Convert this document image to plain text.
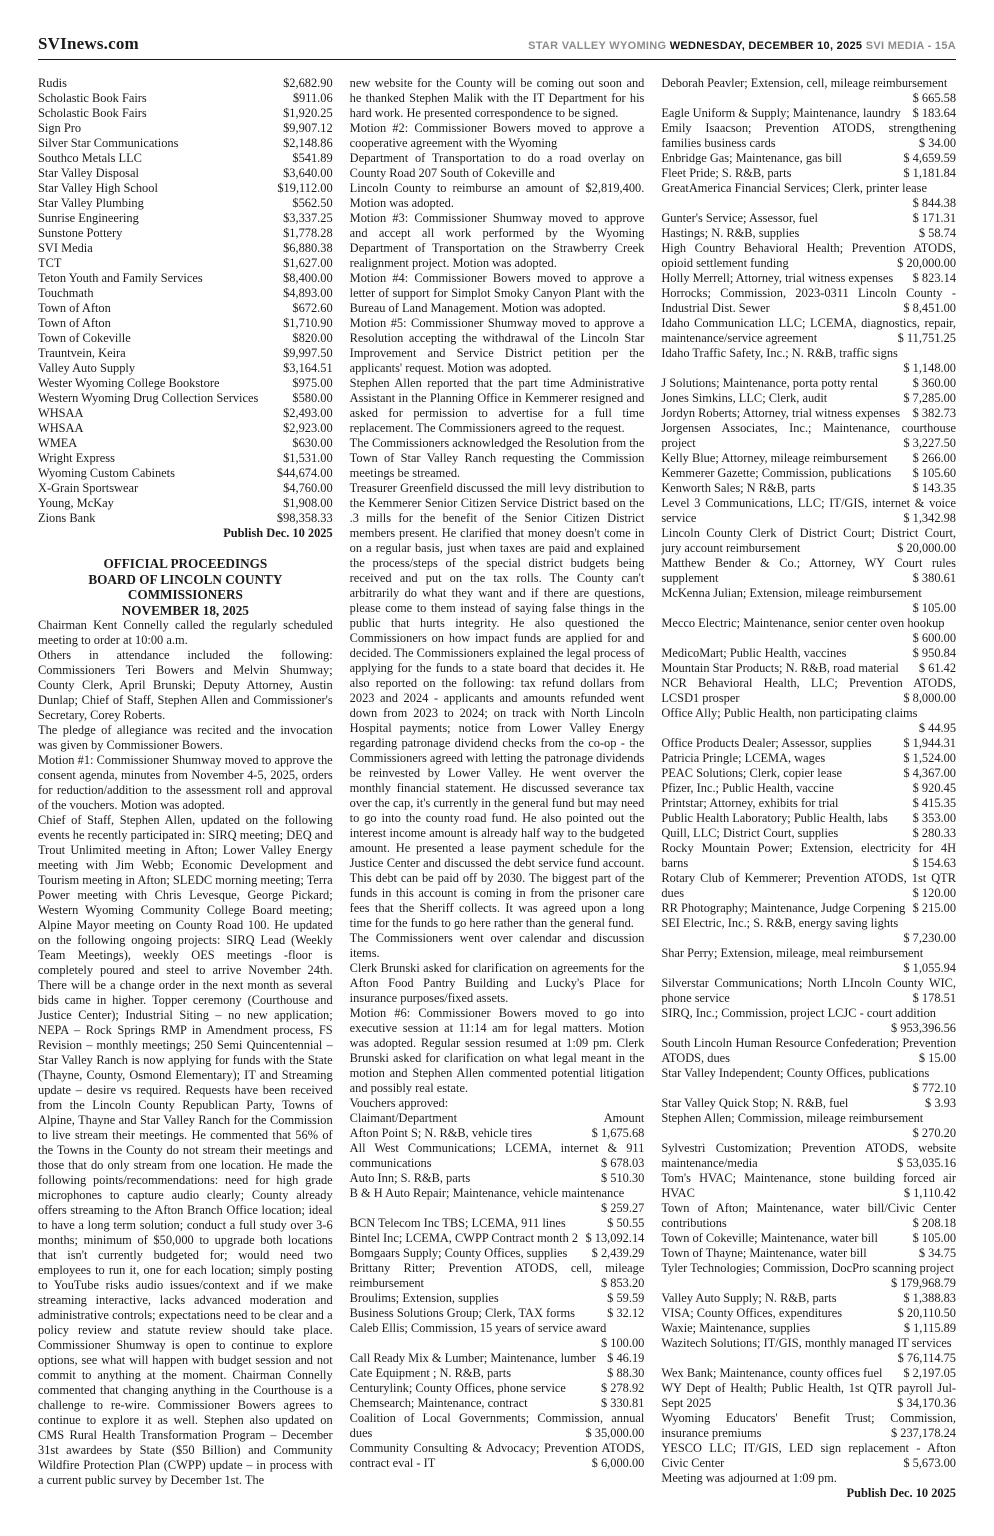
SVInews.com	STAR VALLEY WYOMING WEDNESDAY, DECEMBER 10, 2025 SVI MEDIA - 15A
Rudis	$2,682.90
Scholastic Book Fairs	$911.06
Scholastic Book Fairs	$1,920.25
Sign Pro	$9,907.12
Silver Star Communications	$2,148.86
Southco Metals LLC	$541.89
Star Valley Disposal	$3,640.00
Star Valley High School	$19,112.00
Star Valley Plumbing	$562.50
Sunrise Engineering	$3,337.25
Sunstone Pottery	$1,778.28
SVI Media	$6,880.38
TCT	$1,627.00
Teton Youth and Family Services	$8,400.00
Touchmath	$4,893.00
Town of Afton	$672.60
Town of Afton	$1,710.90
Town of Cokeville	$820.00
Trauntvein, Keira	$9,997.50
Valley Auto Supply	$3,164.51
Wester Wyoming College Bookstore	$975.00
Western Wyoming Drug Collection Services	$580.00
WHSAA	$2,493.00
WHSAA	$2,923.00
WMEA	$630.00
Wright Express	$1,531.00
Wyoming Custom Cabinets	$44,674.00
X-Grain Sportswear	$4,760.00
Young, McKay	$1,908.00
Zions Bank	$98,358.33
Publish Dec. 10 2025
OFFICIAL PROCEEDINGS
BOARD OF LINCOLN COUNTY COMMISSIONERS
NOVEMBER 18, 2025

Chairman Kent Connelly called the regularly scheduled meeting to order at 10:00 a.m.

Others in attendance included the following: Commissioners Teri Bowers and Melvin Shumway; County Clerk, April Brunski; Deputy Attorney, Austin Dunlap; Chief of Staff, Stephen Allen and Commissioner's Secretary, Corey Roberts.

The pledge of allegiance was recited and the invocation was given by Commissioner Bowers.

Motion #1: Commissioner Shumway moved to approve the consent agenda, minutes from November 4-5, 2025, orders for reduction/addition to the assessment roll and approval of the vouchers. Motion was adopted.

Chief of Staff, Stephen Allen, updated on the following events he recently participated in: SIRQ meeting; DEQ and Trout Unlimited meeting in Afton; Lower Valley Energy meeting with Jim Webb; Economic Development and Tourism meeting in Afton; SLEDC morning meeting; Terra Power meeting with Chris Levesque, George Pickard; Western Wyoming Community College Board meeting; Alpine Mayor meeting on County Road 100. He updated on the following ongoing projects: SIRQ Lead (Weekly Team Meetings), weekly OES meetings -floor is completely poured and steel to arrive November 24th. There will be a change order in the next month as several bids came in higher. Topper ceremony (Courthouse and Justice Center); Industrial Siting – no new application; NEPA – Rock Springs RMP in Amendment process, FS Revision – monthly meetings; 250 Semi Quincentennial – Star Valley Ranch is now applying for funds with the State (Thayne, County, Osmond Elementary); IT and Streaming update – desire vs required. Requests have been received from the Lincoln County Republican Party, Towns of Alpine, Thayne and Star Valley Ranch for the Commission to live stream their meetings. He commented that 56% of the Towns in the County do not stream their meetings and those that do only stream from one location. He made the following points/recommendations: need for high grade microphones to capture audio clearly; County already offers streaming to the Afton Branch Office location; ideal to have a long term solution; conduct a full study over 3-6 months; minimum of $50,000 to upgrade both locations that isn't currently budgeted for; would need two employees to run it, one for each location; simply posting to YouTube risks audio issues/context and if we make streaming interactive, lacks advanced moderation and administrative controls; expectations need to be clear and a policy review and statute review should take place. Commissioner Shumway is open to continue to explore options, see what will happen with budget session and not commit to anything at the moment. Chairman Connelly commented that changing anything in the Courthouse is a challenge to re-wire. Commissioner Bowers agrees to continue to explore it as well. Stephen also updated on CMS Rural Health Transformation Program – December 31st awardees by State ($50 Billion) and Community Wildfire Protection Plan (CWPP) update – in process with a current public survey by December 1st. The

new website for the County will be coming out soon and he thanked Stephen Malik with the IT Department for his hard work. He presented correspondence to be signed.

Motion #2: Commissioner Bowers moved to approve a cooperative agreement with the Wyoming

Department of Transportation to do a road overlay on County Road 207 South of Cokeville and

Lincoln County to reimburse an amount of $2,819,400. Motion was adopted.

Motion #3: Commissioner Shumway moved to approve and accept all work performed by the Wyoming Department of Transportation on the Strawberry Creek realignment project. Motion was adopted.

Motion #4: Commissioner Bowers moved to approve a letter of support for Simplot Smoky Canyon Plant with the Bureau of Land Management. Motion was adopted.

Motion #5: Commissioner Shumway moved to approve a Resolution accepting the withdrawal of the Lincoln Star Improvement and Service District petition per the applicants' request. Motion was adopted.

Stephen Allen reported that the part time Administrative Assistant in the Planning Office in Kemmerer resigned and asked for permission to advertise for a full time replacement. The Commissioners agreed to the request.

The Commissioners acknowledged the Resolution from the Town of Star Valley Ranch requesting the Commission meetings be streamed.

Treasurer Greenfield discussed the mill levy distribution to the Kemmerer Senior Citizen Service District based on the .3 mills for the benefit of the Senior Citizen District members present. He clarified that money doesn't come in on a regular basis, just when taxes are paid and explained the process/steps of the special district budgets being received and put on the tax rolls. The County can't arbitrarily do what they want and if there are questions, please come to them instead of saying false things in the public that hurts integrity. He also questioned the Commissioners on how impact funds are applied for and decided. The Commissioners explained the legal process of applying for the funds to a state board that decides it. He also reported on the following: tax refund dollars from 2023 and 2024 - applicants and amounts refunded went down from 2023 to 2024; on track with North Lincoln Hospital payments; notice from Lower Valley Energy regarding patronage dividend checks from the co-op - the Commissioners agreed with letting the patronage dividends be reinvested by Lower Valley. He went overver the monthly financial statement. He discussed severance tax over the cap, it's currently in the general fund but may need to go into the county road fund. He also pointed out the interest income amount is already half way to the budgeted amount. He presented a lease payment schedule for the Justice Center and discussed the debt service fund account. This debt can be paid off by 2030. The biggest part of the funds in this account is coming in from the prisoner care fees that the Sheriff collects. It was agreed upon a long time for the funds to go here rather than the general fund.

The Commissioners went over calendar and discussion items.

Clerk Brunski asked for clarification on agreements for the Afton Food Pantry Building and Lucky's Place for insurance purposes/fixed assets.

Motion #6: Commissioner Bowers moved to go into executive session at 11:14 am for legal matters. Motion was adopted. Regular session resumed at 1:09 pm. Clerk Brunski asked for clarification on what legal meant in the motion and Stephen Allen commented potential litigation and possibly real estate.

Vouchers approved:

Claimant/Department	Amount
Afton Point S; N. R&B, vehicle tires	$ 1,675.68
All West Communications; LCEMA, internet & 911 communications	$ 678.03
Auto Inn; S. R&B, parts	$ 510.30
B & H Auto Repair; Maintenance, vehicle maintenance
$ 259.27
BCN Telecom Inc TBS; LCEMA, 911 lines	$ 50.55
Bintel Inc; LCEMA, CWPP Contract month 2 $ 13,092.14
Bomgaars Supply; County Offices, supplies	$ 2,439.29
Brittany Ritter; Prevention ATODS, cell, mileage reimbursement	$ 853.20
Broulims; Extension, supplies	$ 59.59
Business Solutions Group; Clerk, TAX forms	$ 32.12
Caleb Ellis; Commission, 15 years of service award
$ 100.00
Call Ready Mix & Lumber; Maintenance, lumber $ 46.19
Cate Equipment ; N. R&B, parts	$ 88.30
Centurylink; County Offices, phone service	$ 278.92
Chemsearch; Maintenance, contract	$ 330.81
Coalition of Local Governments; Commission, annual dues	$ 35,000.00
Community Consulting & Advocacy; Prevention ATODS, contract eval - IT	$ 6,000.00
Deborah Peavler; Extension, cell, mileage reimbursement
$ 665.58
Eagle Uniform & Supply; Maintenance, laundry $ 183.64
Emily Isaacson; Prevention ATODS, strengthening families business cards	$ 34.00
Enbridge Gas; Maintenance, gas bill	$ 4,659.59
Fleet Pride; S. R&B, parts	$ 1,181.84
GreatAmerica Financial Services; Clerk, printer lease
$ 844.38
Gunter's Service; Assessor, fuel	$ 171.31
Hastings; N. R&B, supplies	$ 58.74
High Country Behavioral Health; Prevention ATODS, opioid settlement funding	$ 20,000.00
Holly Merrell; Attorney, trial witness expenses	$ 823.14
Horrocks; Commission, 2023-0311 Lincoln County - Industrial Dist. Sewer	$ 8,451.00
Idaho Communication LLC; LCEMA, diagnostics, repair, maintenance/service agreement	$ 11,751.25
Idaho Traffic Safety, Inc.; N. R&B, traffic signs
$ 1,148.00
J Solutions; Maintenance, porta potty rental	$ 360.00
Jones Simkins, LLC; Clerk, audit	$ 7,285.00
Jordyn Roberts; Attorney, trial witness expenses	$ 382.73
Jorgensen Associates, Inc.; Maintenance, courthouse project	$ 3,227.50
Kelly Blue; Attorney, mileage reimbursement	$ 266.00
Kemmerer Gazette; Commission, publications	$ 105.60
Kenworth Sales; N R&B, parts	$ 143.35
Level 3 Communications, LLC; IT/GIS, internet & voice service	$ 1,342.98
Lincoln County Clerk of District Court; District Court, jury account reimbursement	$ 20,000.00
Matthew Bender & Co.; Attorney, WY Court rules supplement	$ 380.61
McKenna Julian; Extension, mileage reimbursement
$ 105.00
Mecco Electric; Maintenance, senior center oven hookup
$ 600.00
MedicoMart; Public Health, vaccines	$ 950.84
Mountain Star Products; N. R&B, road material	$ 61.42
NCR Behavioral Health, LLC; Prevention ATODS, LCSD1 prosper	$ 8,000.00
Office Ally; Public Health, non participating claims
$ 44.95
Office Products Dealer; Assessor, supplies	$ 1,944.31
Patricia Pringle; LCEMA, wages	$ 1,524.00
PEAC Solutions; Clerk, copier lease	$ 4,367.00
Pfizer, Inc.; Public Health, vaccine	$ 920.45
Printstar; Attorney, exhibits for trial	$ 415.35
Public Health Laboratory; Public Health, labs	$ 353.00
Quill, LLC; District Court, supplies	$ 280.33
Rocky Mountain Power; Extension, electricity for 4H barns	$ 154.63
Rotary Club of Kemmerer; Prevention ATODS, 1st QTR dues	$ 120.00
RR Photography; Maintenance, Judge Corpening $ 215.00
SEI Electric, Inc.; S. R&B, energy saving lights
$ 7,230.00
Shar Perry; Extension, mileage, meal reimbursement
$ 1,055.94
Silverstar Communications; North LIncoln County WIC, phone service	$ 178.51
SIRQ, Inc.; Commission, project LCJC - court addition
$ 953,396.56
South Lincoln Human Resource Confederation; Prevention ATODS, dues	$ 15.00
Star Valley Independent; County Offices, publications
$ 772.10
Star Valley Quick Stop; N. R&B, fuel	$ 3.93
Stephen Allen; Commission, mileage reimbursement
$ 270.20
Sylvestri Customization; Prevention ATODS, website maintenance/media	$ 53,035.16
Tom's HVAC; Maintenance, stone building forced air HVAC	$ 1,110.42
Town of Afton; Maintenance, water bill/Civic Center contributions	$ 208.18
Town of Cokeville; Maintenance, water bill	$ 105.00
Town of Thayne; Maintenance, water bill	$ 34.75
Tyler Technologies; Commission, DocPro scanning project
$ 179,968.79
Valley Auto Supply; N. R&B, parts	$ 1,388.83
VISA; County Offices, expenditures	$ 20,110.50
Waxie; Maintenance, supplies	$ 1,115.89
Wazitech Solutions; IT/GIS, monthly managed IT services
$ 76,114.75
Wex Bank; Maintenance, county offices fuel	$ 2,197.05
WY Dept of Health; Public Health, 1st QTR payroll Jul-Sept 2025	$ 34,170.36
Wyoming Educators' Benefit Trust; Commission, insurance premiums	$ 237,178.24
YESCO LLC; IT/GIS, LED sign replacement - Afton Civic Center	$ 5,673.00

Meeting was adjourned at 1:09 pm.

Publish Dec. 10 2025
